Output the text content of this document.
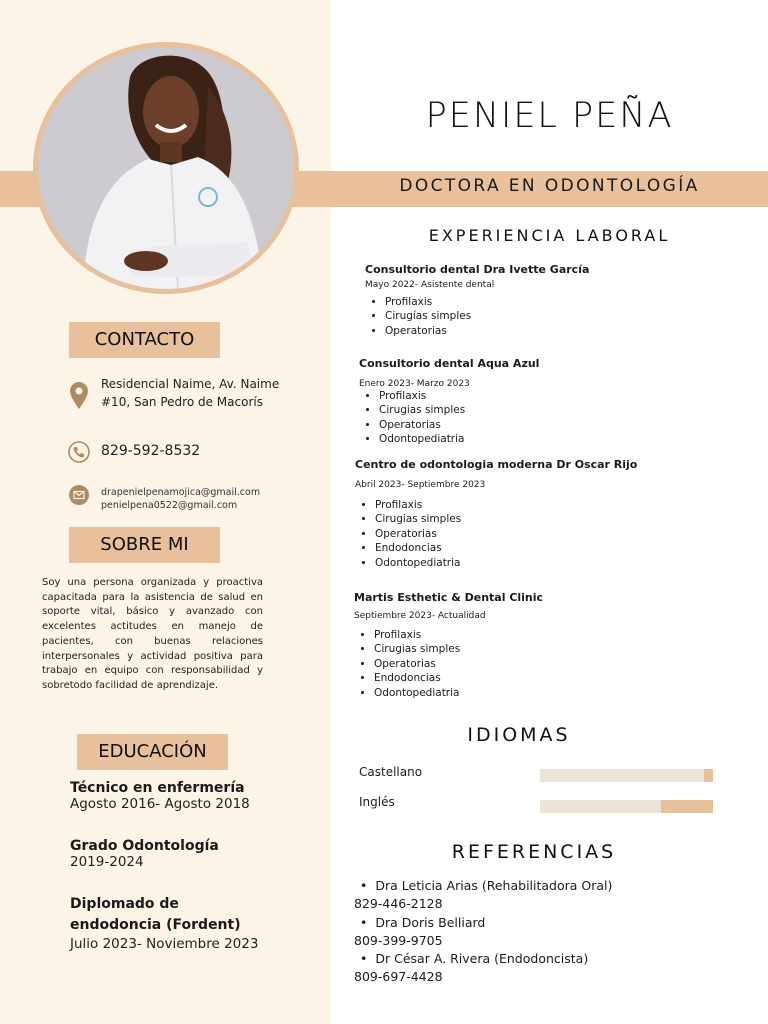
PENIEL PEÑA
DOCTORA EN ODONTOLOGÍA
CONTACTO
Residencial Naime, Av. Naime
#10, San Pedro de Macorís
829-592-8532
drapenielpenamojica@gmail.com
penielpena0522@gmail.com
SOBRE MI
Soy una persona organizada y proactiva capacitada para la asistencia de salud en soporte vital, básico y avanzado con excelentes actitudes en manejo de pacientes, con buenas relaciones interpersonales y actividad positiva para trabajo en equipo con responsabilidad y sobretodo facilidad de aprendizaje.
EDUCACIÓN
Técnico en enfermería
Agosto 2016- Agosto 2018
Grado Odontología
2019-2024
Diplomado de endodoncia (Fordent)
Julio 2023- Noviembre 2023
EXPERIENCIA LABORAL
Consultorio dental Dra Ivette García
Mayo 2022- Asistente dental
• Profilaxis
• Cirugías simples
• Operatorias
Consultorio dental Aqua Azul
Enero 2023- Marzo 2023
• Profilaxis
• Cirugias simples
• Operatorias
• Odontopediatria
Centro de odontologia moderna Dr Oscar Rijo
Abril 2023- Septiembre 2023
• Profilaxis
• Cirugias simples
• Operatorias
• Endodoncias
• Odontopediatria
Martis Esthetic & Dental Clinic
Septiembre 2023- Actualidad
• Profilaxis
• Cirugias simples
• Operatorias
• Endodoncias
• Odontopediatria
IDIOMAS
Castellano
Inglés
REFERENCIAS
• Dra Leticia Arias (Rehabilitadora Oral)
829-446-2128
• Dra Doris Belliard
809-399-9705
• Dr César A. Rivera (Endodoncista)
809-697-4428
